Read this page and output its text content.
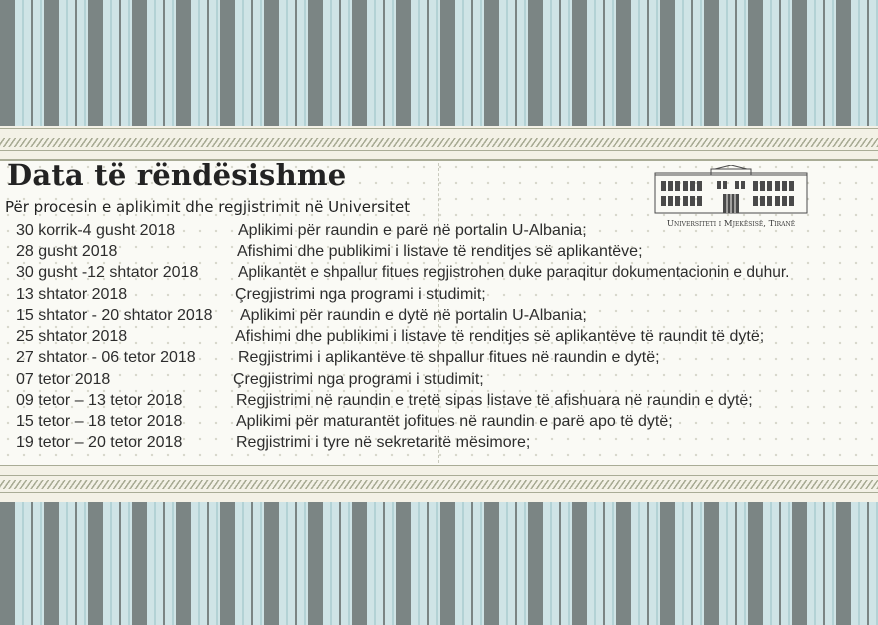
Data të rëndësishme
Për procesin e aplikimit dhe regjistrimit në Universitet
Universiteti i Mjekësisë, Tiranë
30 korrik-4 gusht 2018	Aplikimi për raundin e parë në portalin U-Albania;
28 gusht 2018	Afishimi dhe publikimi i listave të renditjes së aplikantëve;
30 gusht -12 shtator 2018	Aplikantët e shpallur fitues regjistrohen duke paraqitur dokumentacionin e duhur.
13 shtator 2018	Çregjistrimi nga programi i studimit;
15 shtator - 20 shtator 2018 Aplikimi për raundin e dytë në portalin U-Albania;
25 shtator 2018	Afishimi dhe publikimi i listave të renditjes së aplikantëve të raundit të dytë;
27 shtator - 06 tetor 2018	Regjistrimi i aplikantëve të shpallur fitues në raundin e dytë;
07 tetor 2018	Çregjistrimi nga programi i studimit;
09 tetor – 13 tetor 2018	Regjistrimi në raundin e tretë sipas listave të afishuara në raundin e dytë;
15 tetor – 18 tetor 2018	Aplikimi për maturantët jofitues në raundin e parë apo të dytë;
19 tetor – 20 tetor 2018	Regjistrimi i tyre në sekretaritë mësimore;
